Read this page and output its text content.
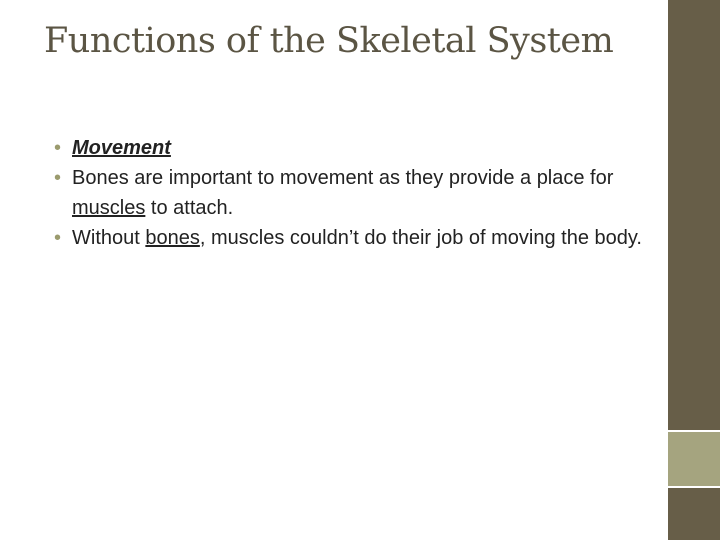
Functions of the Skeletal System
• Movement
• Bones are important to movement as they provide a place for muscles to attach.
• Without bones, muscles couldn’t do their job of moving the body.
